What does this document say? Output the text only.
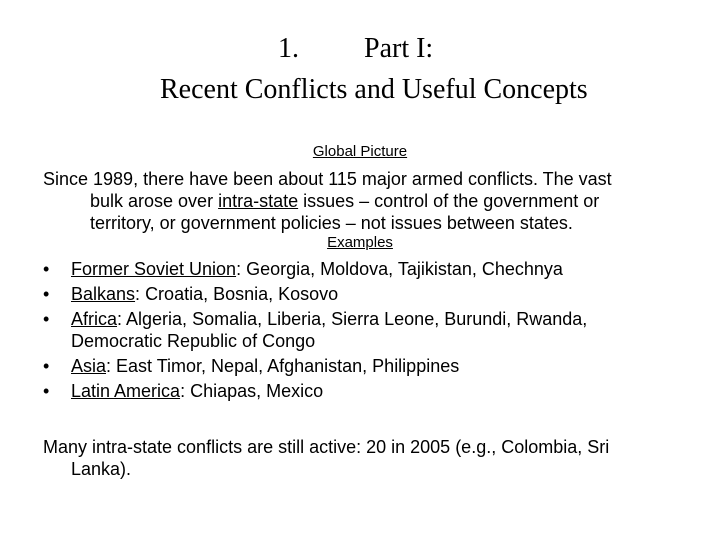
1. Part I:
Recent Conflicts and Useful Concepts
Global Picture
Since 1989, there have been about 115 major armed conflicts. The vast
bulk arose over intra-state issues – control of the government or
territory, or government policies – not issues between states.
Examples
• Former Soviet Union: Georgia, Moldova, Tajikistan, Chechnya
• Balkans: Croatia, Bosnia, Kosovo
• Africa: Algeria, Somalia, Liberia, Sierra Leone, Burundi, Rwanda,
Democratic Republic of Congo
• Asia: East Timor, Nepal, Afghanistan, Philippines
• Latin America: Chiapas, Mexico
Many intra-state conflicts are still active: 20 in 2005 (e.g., Colombia, Sri
Lanka).
